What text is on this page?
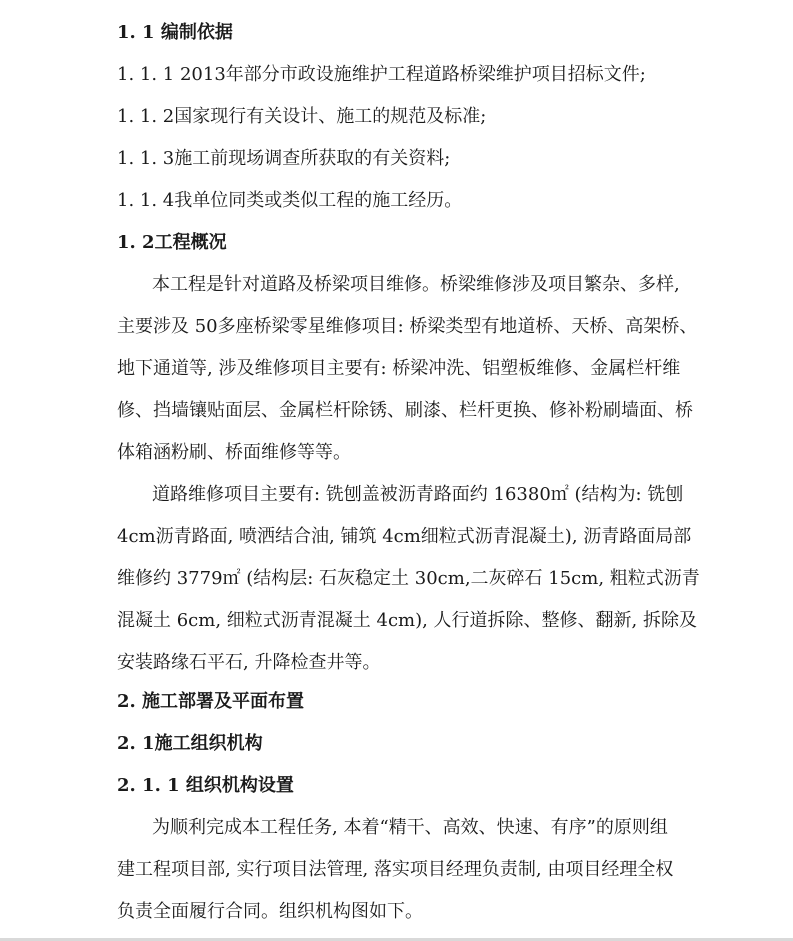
1. 1 编制依据
1. 1. 1 2013年部分市政设施维护工程道路桥梁维护项目招标文件;
1. 1. 2国家现行有关设计、施工的规范及标准;
1. 1. 3施工前现场调查所获取的有关资料;
1. 1. 4我单位同类或类似工程的施工经历。
1. 2工程概况
本工程是针对道路及桥梁项目维修。桥梁维修涉及项目繁杂、多样,
主要涉及 50多座桥梁零星维修项目: 桥梁类型有地道桥、天桥、高架桥、
地下通道等, 涉及维修项目主要有: 桥梁冲洗、铝塑板维修、金属栏杆维
修、挡墙镶贴面层、金属栏杆除锈、刷漆、栏杆更换、修补粉刷墙面、桥
体箱涵粉刷、桥面维修等等。
道路维修项目主要有: 铣刨盖被沥青路面约 16380㎡ (结构为: 铣刨
4cm沥青路面, 喷洒结合油, 铺筑 4cm细粒式沥青混凝土), 沥青路面局部
维修约 3779㎡ (结构层: 石灰稳定土 30cm,二灰碎石 15cm, 粗粒式沥青
混凝土 6cm, 细粒式沥青混凝土 4cm), 人行道拆除、整修、翻新, 拆除及
安装路缘石平石, 升降检查井等。
2. 施工部署及平面布置
2. 1施工组织机构
2. 1. 1 组织机构设置
为顺利完成本工程任务, 本着“精干、高效、快速、有序”的原则组
建工程项目部, 实行项目法管理, 落实项目经理负责制, 由项目经理全权
负责全面履行合同。组织机构图如下。
